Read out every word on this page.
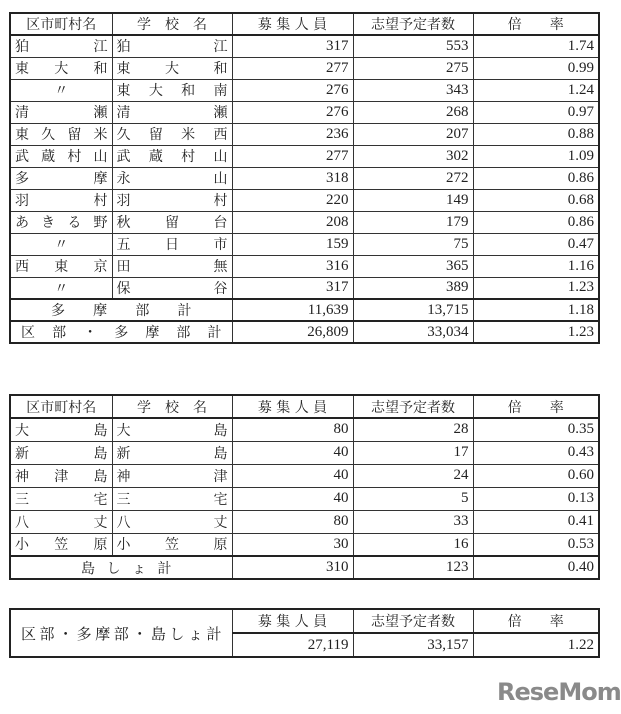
区市町村名	学　校　名	募 集 人 員	志望予定者数	倍　　率
狛　江	狛　江	317	553	1.74
東 大 和	東　大　和	277	275	0.99
〃	東 大 和 南	276	343	1.24
清　瀬	清　瀬	276	268	0.97
東久留米	久 留 米 西	236	207	0.88
武蔵村山	武 蔵 村 山	277	302	1.09
多　摩	永　山	318	272	0.86
羽　村	羽　村	220	149	0.68
あきる野	秋　留　台	208	179	0.86
〃	五　日　市	159	75	0.47
西 東 京	田　無	316	365	1.16
〃	保　谷	317	389	1.23
多　摩　部　計		11,639	13,715	1.18
区 部 ・ 多 摩 部 計		26,809	33,034	1.23
区市町村名	学　校　名	募 集 人 員	志望予定者数	倍　　率
大　島	大　島	80	28	0.35
新　島	新　島	40	17	0.43
神 津 島	神　津	40	24	0.60
三　宅	三　宅	40	5	0.13
八　丈	八　丈	80	33	0.41
小 笠 原	小　笠　原	30	16	0.53
島 し ょ 計		310	123	0.40
区部・多摩部・島しょ計	募 集 人 員	志望予定者数	倍　　率
	27,119	33,157	1.22
ReseMom
